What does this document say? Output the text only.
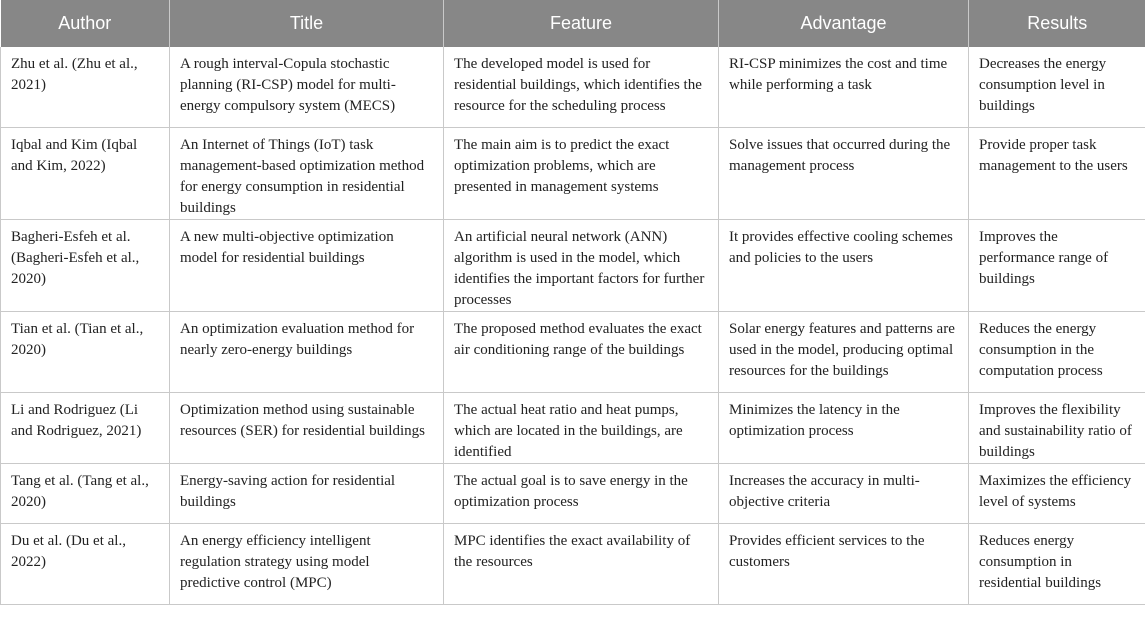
Author	Title	Feature	Advantage	Results
Zhu et al. (Zhu et al., 2021)	A rough interval-Copula stochastic planning (RI-CSP) model for multi-energy compulsory system (MECS)	The developed model is used for residential buildings, which identifies the resource for the scheduling process	RI-CSP minimizes the cost and time while performing a task	Decreases the energy consumption level in buildings
Iqbal and Kim (Iqbal and Kim, 2022)	An Internet of Things (IoT) task management-based optimization method for energy consumption in residential buildings	The main aim is to predict the exact optimization problems, which are presented in management systems	Solve issues that occurred during the management process	Provide proper task management to the users
Bagheri-Esfeh et al. (Bagheri-Esfeh et al., 2020)	A new multi-objective optimization model for residential buildings	An artificial neural network (ANN) algorithm is used in the model, which identifies the important factors for further processes	It provides effective cooling schemes and policies to the users	Improves the performance range of buildings
Tian et al. (Tian et al., 2020)	An optimization evaluation method for nearly zero-energy buildings	The proposed method evaluates the exact air conditioning range of the buildings	Solar energy features and patterns are used in the model, producing optimal resources for the buildings	Reduces the energy consumption in the computation process
Li and Rodriguez (Li and Rodriguez, 2021)	Optimization method using sustainable resources (SER) for residential buildings	The actual heat ratio and heat pumps, which are located in the buildings, are identified	Minimizes the latency in the optimization process	Improves the flexibility and sustainability ratio of buildings
Tang et al. (Tang et al., 2020)	Energy-saving action for residential buildings	The actual goal is to save energy in the optimization process	Increases the accuracy in multi-objective criteria	Maximizes the efficiency level of systems
Du et al. (Du et al., 2022)	An energy efficiency intelligent regulation strategy using model predictive control (MPC)	MPC identifies the exact availability of the resources	Provides efficient services to the customers	Reduces energy consumption in residential buildings
